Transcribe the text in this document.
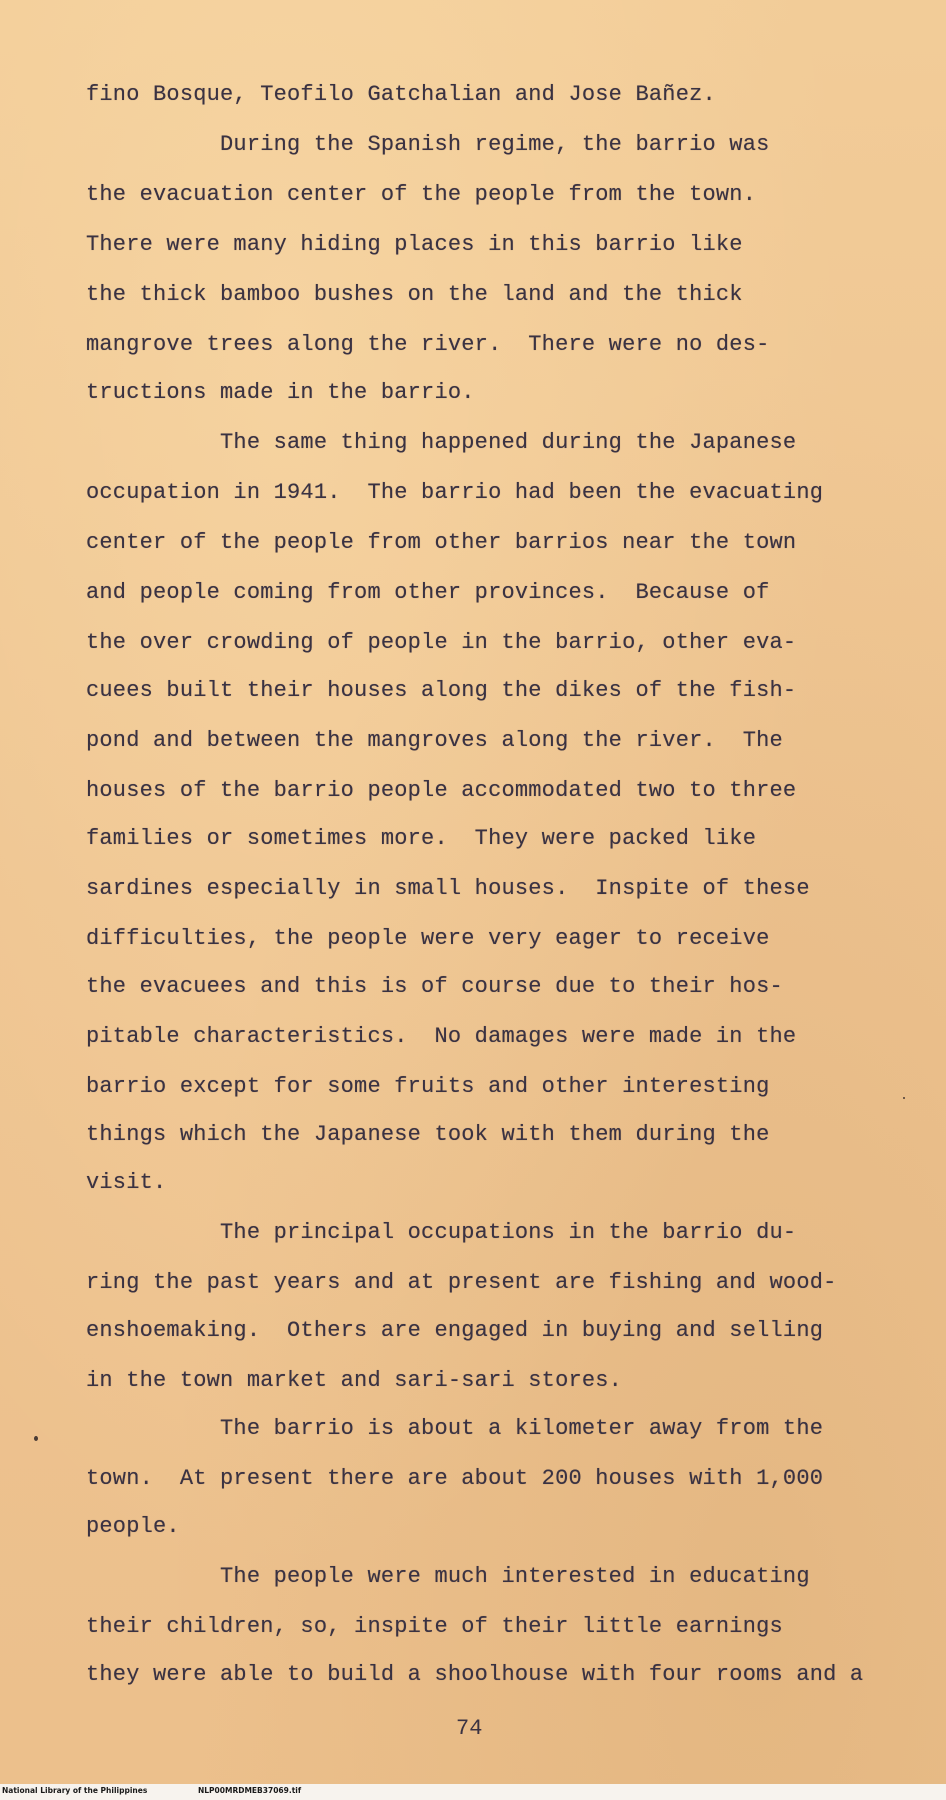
fino Bosque, Teofilo Gatchalian and Jose Bañez.
During the Spanish regime, the barrio was
the evacuation center of the people from the town.
There were many hiding places in this barrio like
the thick bamboo bushes on the land and the thick
mangrove trees along the river.  There were no des-
tructions made in the barrio.
The same thing happened during the Japanese
occupation in 1941.  The barrio had been the evacuating
center of the people from other barrios near the town
and people coming from other provinces.  Because of
the over crowding of people in the barrio, other eva-
cuees built their houses along the dikes of the fish-
pond and between the mangroves along the river.  The
houses of the barrio people accommodated two to three
families or sometimes more.  They were packed like
sardines especially in small houses.  Inspite of these
difficulties, the people were very eager to receive
the evacuees and this is of course due to their hos-
pitable characteristics.  No damages were made in the
barrio except for some fruits and other interesting
things which the Japanese took with them during the
visit.
The principal occupations in the barrio du-
ring the past years and at present are fishing and wood-
enshoemaking.  Others are engaged in buying and selling
in the town market and sari-sari stores.
The barrio is about a kilometer away from the
town.  At present there are about 200 houses with 1,000
people.
The people were much interested in educating
their children, so, inspite of their little earnings
they were able to build a shoolhouse with four rooms and a
74
National Library of the Philippines	NLP00MRDMEB37069.tif
